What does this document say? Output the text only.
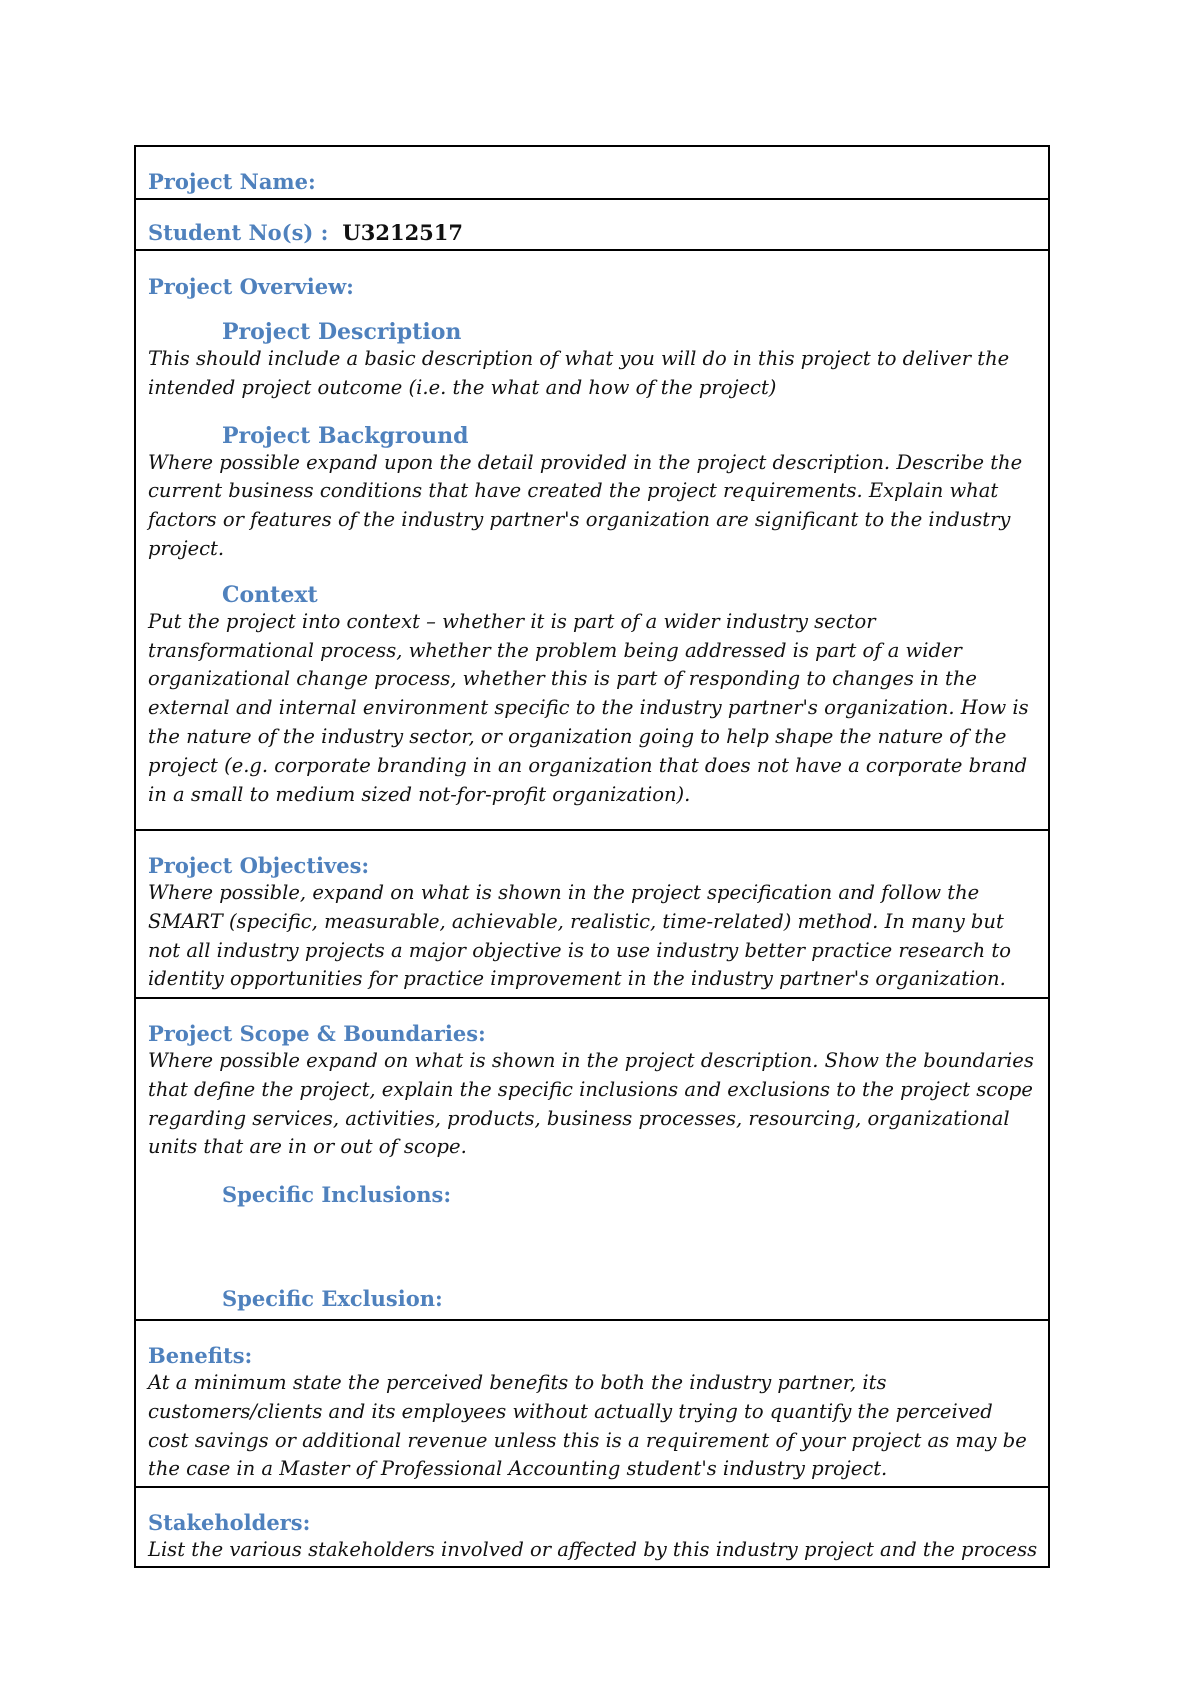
Project Name:
Student No(s) : U3212517
Project Overview:
Project Description
This should include a basic description of what you will do in this project to deliver the intended project outcome (i.e. the what and how of the project)
Project Background
Where possible expand upon the detail provided in the project description. Describe the current business conditions that have created the project requirements. Explain what factors or features of the industry partner's organization are significant to the industry project.
Context
Put the project into context – whether it is part of a wider industry sector transformational process, whether the problem being addressed is part of a wider organizational change process, whether this is part of responding to changes in the external and internal environment specific to the industry partner's organization. How is the nature of the industry sector, or organization going to help shape the nature of the project (e.g. corporate branding in an organization that does not have a corporate brand in a small to medium sized not-for-profit organization).
Project Objectives:
Where possible, expand on what is shown in the project specification and follow the SMART (specific, measurable, achievable, realistic, time-related) method. In many but not all industry projects a major objective is to use industry better practice research to identity opportunities for practice improvement in the industry partner's organization.
Project Scope & Boundaries:
Where possible expand on what is shown in the project description. Show the boundaries that define the project, explain the specific inclusions and exclusions to the project scope regarding services, activities, products, business processes, resourcing, organizational units that are in or out of scope.
Specific Inclusions:
Specific Exclusion:
Benefits:
At a minimum state the perceived benefits to both the industry partner, its customers/clients and its employees without actually trying to quantify the perceived cost savings or additional revenue unless this is a requirement of your project as may be the case in a Master of Professional Accounting student's industry project.
Stakeholders:
List the various stakeholders involved or affected by this industry project and the process
